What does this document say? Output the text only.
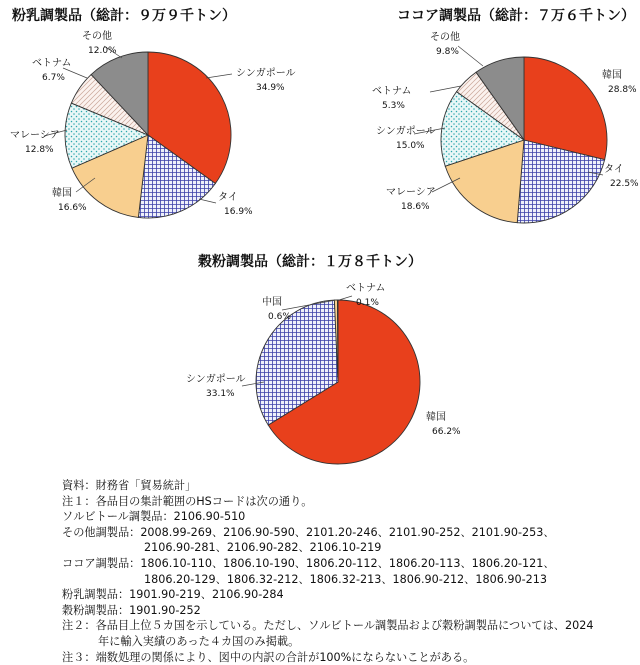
粉乳調製品（総計：９万９千トン）
シンガポール
34.9%
タイ
16.9%
韓国
16.6%
マレーシア
12.8%
ベトナム
6.7%
その他
12.0%
ココア調製品（総計：７万６千トン）
韓国
28.8%
タイ
22.5%
マレーシア
18.6%
シンガポール
15.0%
ベトナム
5.3%
その他
9.8%
穀粉調製品（総計：１万８千トン）
韓国
66.2%
シンガポール
33.1%
中国
0.6%
ベトナム
0.1%
資料：財務省「貿易統計」
注１：各品目の集計範囲のHSコードは次の通り。
ソルビトール調製品：2106.90-510
その他調製品：2008.99-269、2106.90-590、2101.20-246、2101.90-252、2101.90-253、
2106.90-281、2106.90-282、2106.10-219
ココア調製品：1806.10-110、1806.10-190、1806.20-112、1806.20-113、1806.20-121、
1806.20-129、1806.32-212、1806.32-213、1806.90-212、1806.90-213
粉乳調製品：1901.90-219、2106.90-284
穀粉調製品：1901.90-252
注２：各品目上位５カ国を示している。ただし、ソルビトール調製品および穀粉調製品については、2024
年に輸入実績のあった４カ国のみ掲載。
注３：端数処理の関係により、図中の内訳の合計が100%にならないことがある。
